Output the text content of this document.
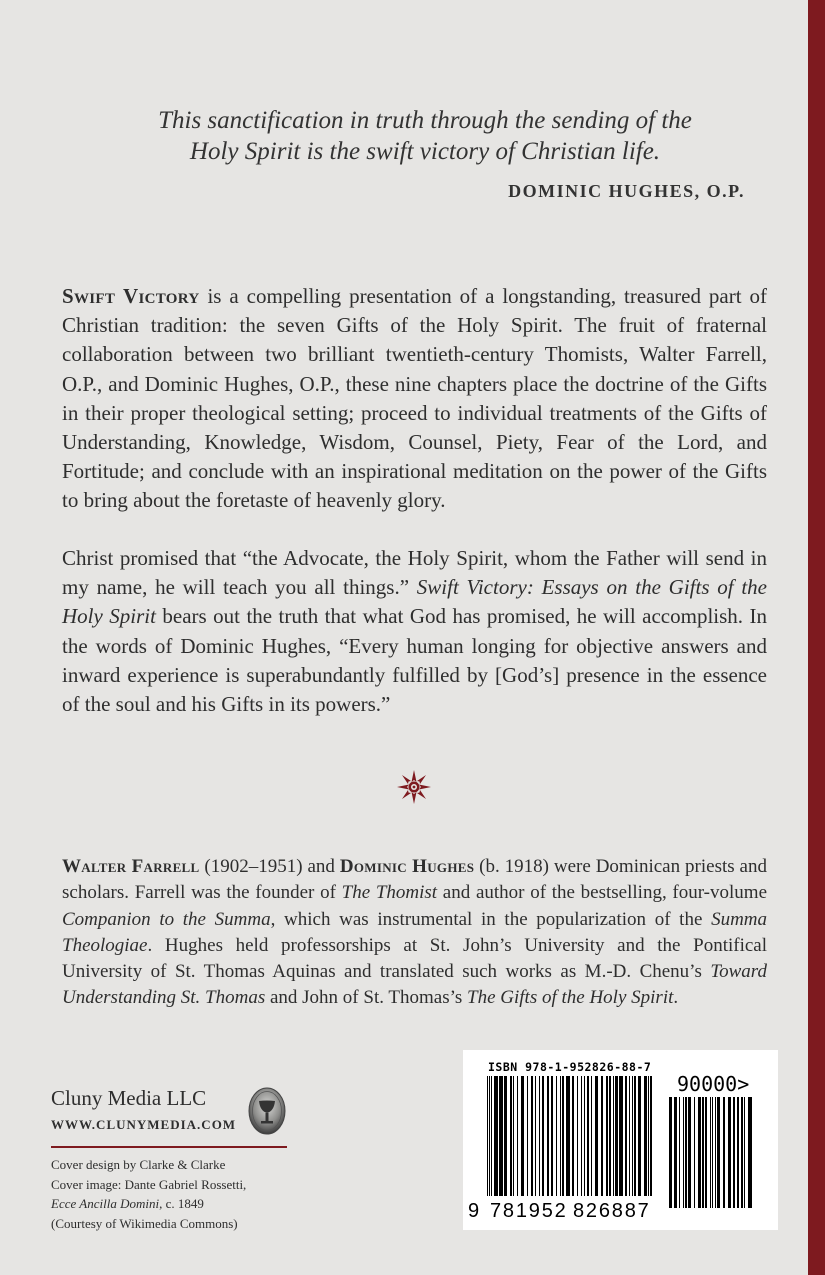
This sanctification in truth through the sending of the
Holy Spirit is the swift victory of Christian life.
DOMINIC HUGHES, O.P.

Swift Victory is a compelling presentation of a longstanding, treasured part of Christian tradition: the seven Gifts of the Holy Spirit. The fruit of fraternal collaboration between two brilliant twentieth-century Thomists, Walter Farrell, O.P., and Dominic Hughes, O.P., these nine chapters place the doctrine of the Gifts in their proper theological setting; proceed to individual treatments of the Gifts of Understanding, Knowledge, Wisdom, Counsel, Piety, Fear of the Lord, and Fortitude; and conclude with an inspirational meditation on the power of the Gifts to bring about the foretaste of heavenly glory.

Christ promised that “the Advocate, the Holy Spirit, whom the Father will send in my name, he will teach you all things.” Swift Victory: Essays on the Gifts of the Holy Spirit bears out the truth that what God has promised, he will accomplish. In the words of Dominic Hughes, “Every human longing for objective answers and inward experience is superabundantly fulfilled by [God’s] presence in the essence of the soul and his Gifts in its powers.”

Walter Farrell (1902–1951) and Dominic Hughes (b. 1918) were Dominican priests and scholars. Farrell was the founder of The Thomist and author of the bestselling, four-volume Companion to the Summa, which was instrumental in the popularization of the Summa Theologiae. Hughes held professorships at St. John’s University and the Pontifical University of St. Thomas Aquinas and translated such works as M.-D. Chenu’s Toward Understanding St. Thomas and John of St. Thomas’s The Gifts of the Holy Spirit.

Cluny Media LLC
WWW.CLUNYMEDIA.COM
Cover design by Clarke & Clarke
Cover image: Dante Gabriel Rossetti,
Ecce Ancilla Domini, c. 1849
(Courtesy of Wikimedia Commons)
ISBN 978-1-952826-88-7
90000>
9 781952 826887
